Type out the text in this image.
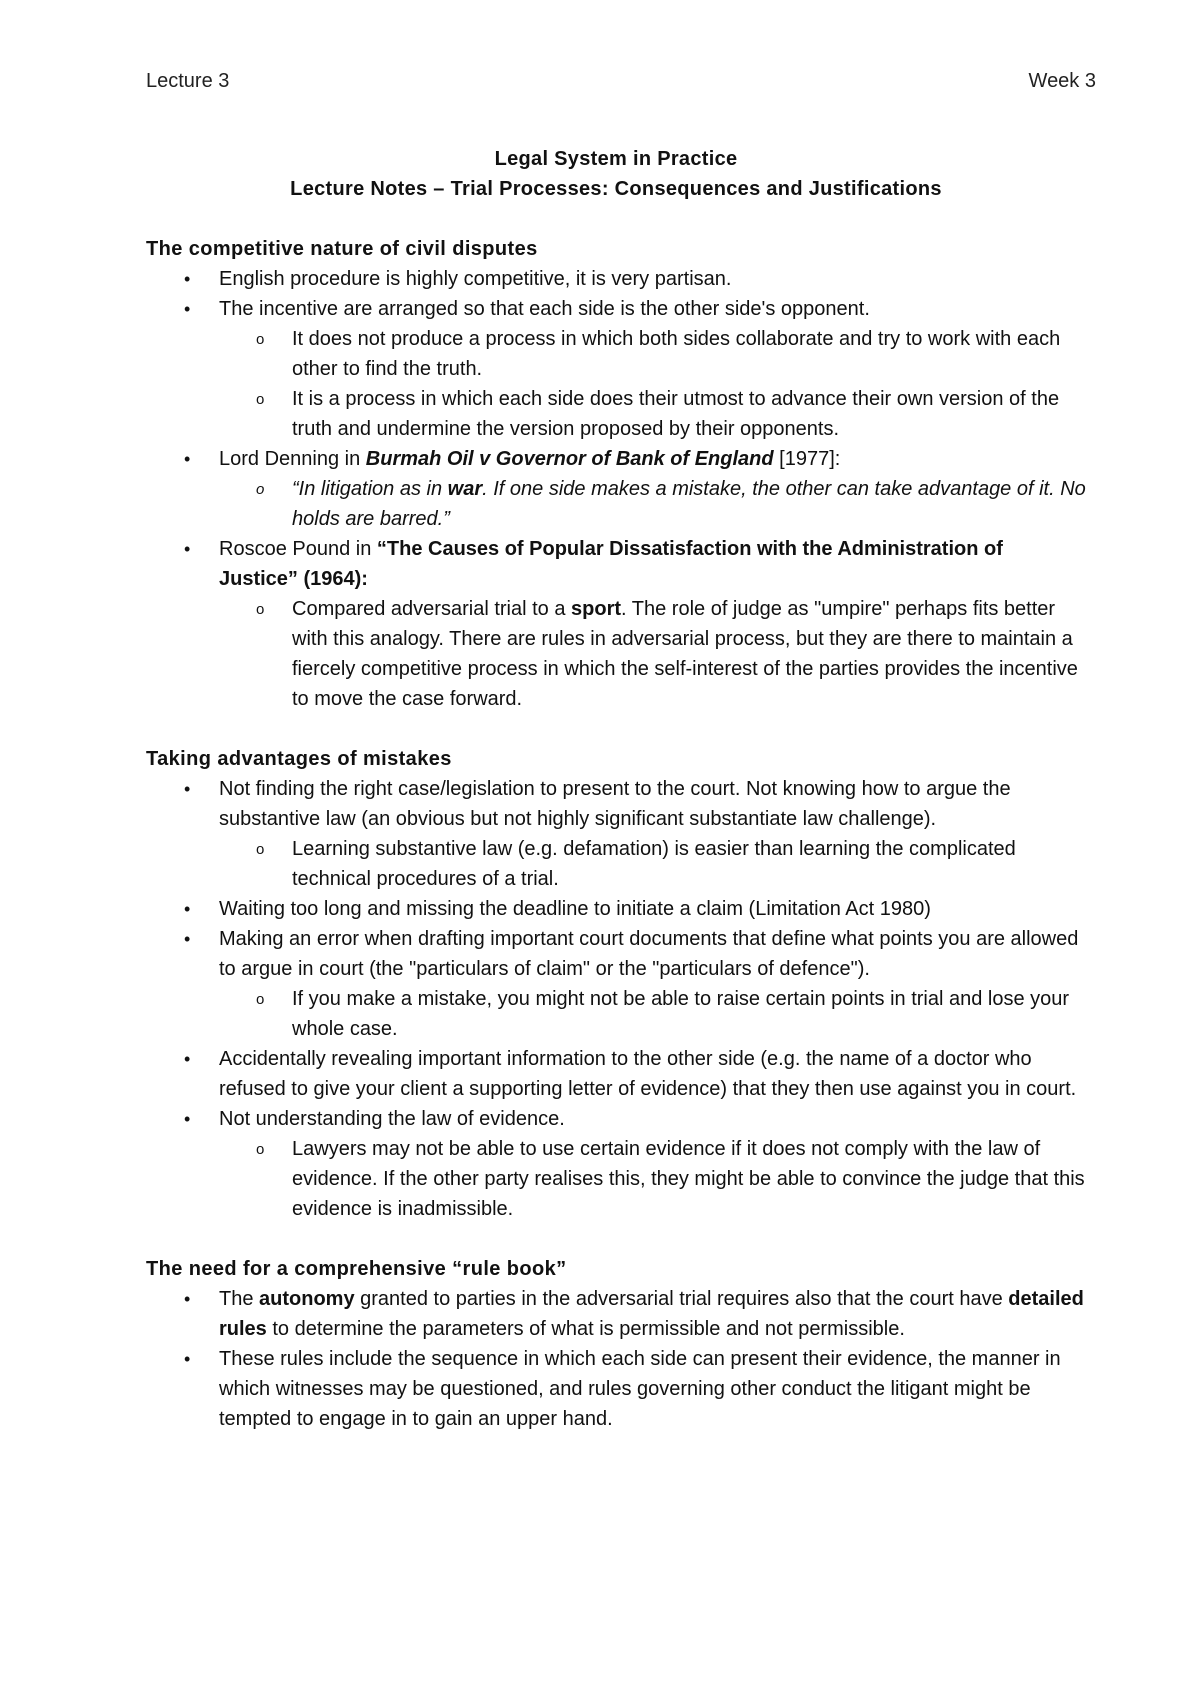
Lecture 3	Week 3
Legal System in Practice
Lecture Notes – Trial Processes: Consequences and Justifications
The competitive nature of civil disputes
• English procedure is highly competitive, it is very partisan.
• The incentive are arranged so that each side is the other side's opponent.
o It does not produce a process in which both sides collaborate and try to work with each other to find the truth.
o It is a process in which each side does their utmost to advance their own version of the truth and undermine the version proposed by their opponents.
• Lord Denning in Burmah Oil v Governor of Bank of England [1977]:
o “In litigation as in war. If one side makes a mistake, the other can take advantage of it. No holds are barred.”
• Roscoe Pound in “The Causes of Popular Dissatisfaction with the Administration of Justice” (1964):
o Compared adversarial trial to a sport. The role of judge as "umpire" perhaps fits better with this analogy. There are rules in adversarial process, but they are there to maintain a fiercely competitive process in which the self-interest of the parties provides the incentive to move the case forward.
Taking advantages of mistakes
• Not finding the right case/legislation to present to the court. Not knowing how to argue the substantive law (an obvious but not highly significant substantiate law challenge).
o Learning substantive law (e.g. defamation) is easier than learning the complicated technical procedures of a trial.
• Waiting too long and missing the deadline to initiate a claim (Limitation Act 1980)
• Making an error when drafting important court documents that define what points you are allowed to argue in court (the "particulars of claim" or the "particulars of defence").
o If you make a mistake, you might not be able to raise certain points in trial and lose your whole case.
• Accidentally revealing important information to the other side (e.g. the name of a doctor who refused to give your client a supporting letter of evidence) that they then use against you in court.
• Not understanding the law of evidence.
o Lawyers may not be able to use certain evidence if it does not comply with the law of evidence. If the other party realises this, they might be able to convince the judge that this evidence is inadmissible.
The need for a comprehensive “rule book”
• The autonomy granted to parties in the adversarial trial requires also that the court have detailed rules to determine the parameters of what is permissible and not permissible.
• These rules include the sequence in which each side can present their evidence, the manner in which witnesses may be questioned, and rules governing other conduct the litigant might be tempted to engage in to gain an upper hand.
